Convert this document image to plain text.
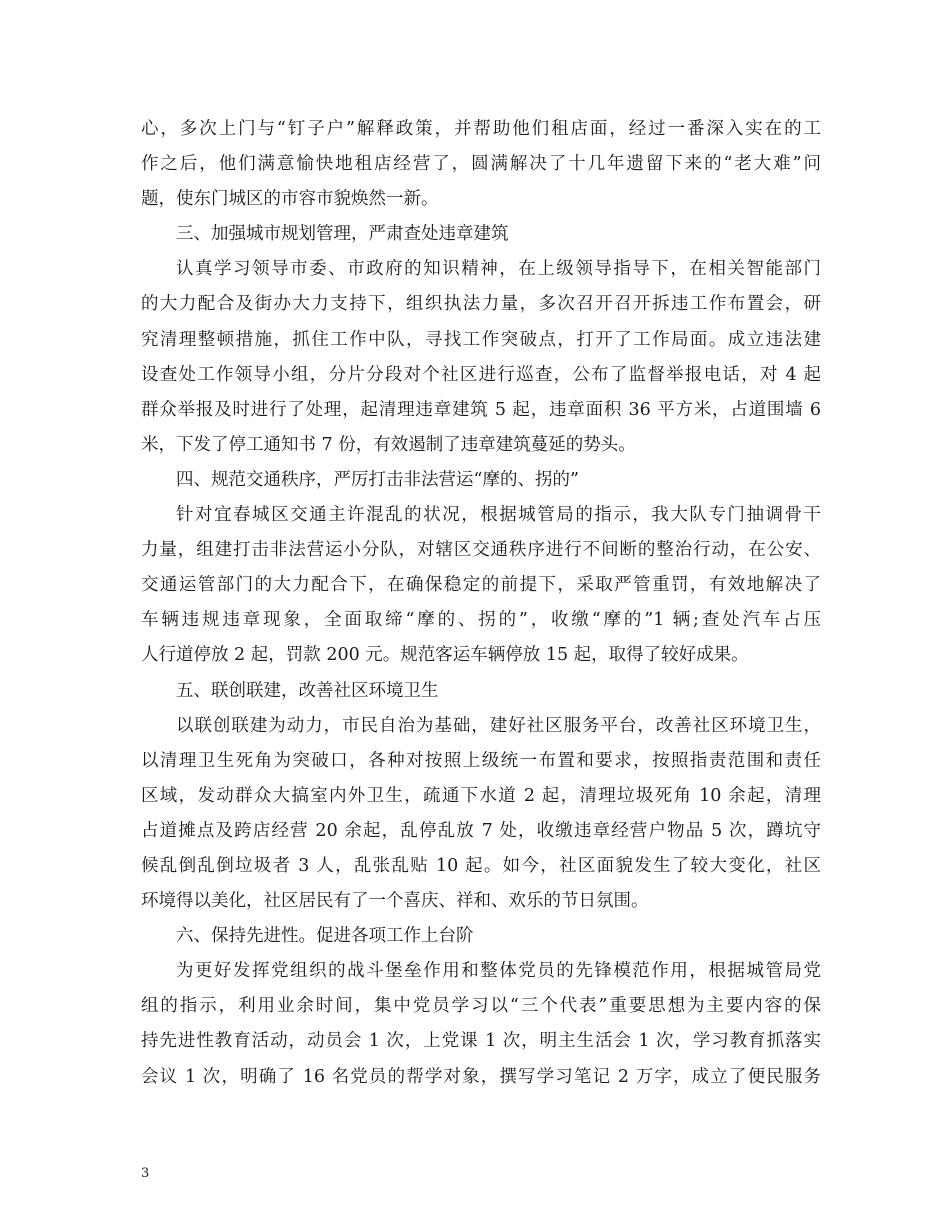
心，多次上门与“钉子户”解释政策，并帮助他们租店面，经过一番深入实在的工
作之后，他们满意愉快地租店经营了，圆满解决了十几年遗留下来的“老大难”问
题，使东门城区的市容市貌焕然一新。
三、加强城市规划管理，严肃查处违章建筑
认真学习领导市委、市政府的知识精神，在上级领导指导下，在相关智能部门
的大力配合及街办大力支持下，组织执法力量，多次召开召开拆违工作布置会，研
究清理整顿措施，抓住工作中队，寻找工作突破点，打开了工作局面。成立违法建
设查处工作领导小组，分片分段对个社区进行巡查，公布了监督举报电话，对 4 起
群众举报及时进行了处理，起清理违章建筑 5 起，违章面积 36 平方米，占道围墙 6
米，下发了停工通知书 7 份，有效遏制了违章建筑蔓延的势头。
四、规范交通秩序，严厉打击非法营运“摩的、拐的”
针对宜春城区交通主许混乱的状况，根据城管局的指示，我大队专门抽调骨干
力量，组建打击非法营运小分队，对辖区交通秩序进行不间断的整治行动，在公安、
交通运管部门的大力配合下，在确保稳定的前提下，采取严管重罚，有效地解决了
车辆违规违章现象，全面取缔“摩的、拐的”，收缴“摩的”1 辆;查处汽车占压
人行道停放 2 起，罚款 200 元。规范客运车辆停放 15 起，取得了较好成果。
五、联创联建，改善社区环境卫生
以联创联建为动力，市民自治为基础，建好社区服务平台，改善社区环境卫生，
以清理卫生死角为突破口，各种对按照上级统一布置和要求，按照指责范围和责任
区域，发动群众大搞室内外卫生，疏通下水道 2 起，清理垃圾死角 10 余起，清理
占道摊点及跨店经营 20 余起，乱停乱放 7 处，收缴违章经营户物品 5 次，蹲坑守
候乱倒乱倒垃圾者 3 人，乱张乱贴 10 起。如今，社区面貌发生了较大变化，社区
环境得以美化，社区居民有了一个喜庆、祥和、欢乐的节日氛围。
六、保持先进性。促进各项工作上台阶
为更好发挥党组织的战斗堡垒作用和整体党员的先锋模范作用，根据城管局党
组的指示，利用业余时间，集中党员学习以“三个代表”重要思想为主要内容的保
持先进性教育活动，动员会 1 次，上党课 1 次，明主生活会 1 次，学习教育抓落实
会议 1 次，明确了 16 名党员的帮学对象，撰写学习笔记 2 万字，成立了便民服务
3
